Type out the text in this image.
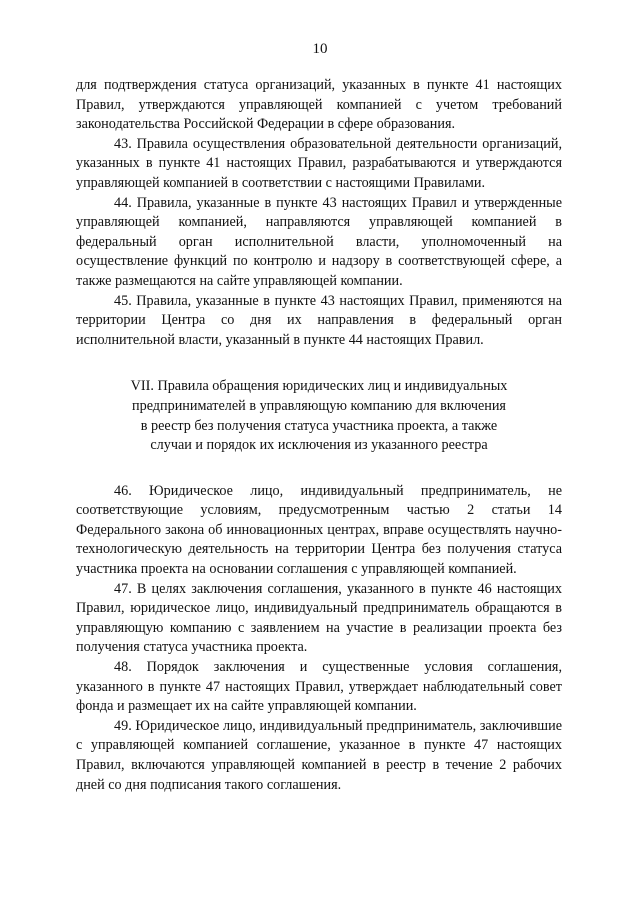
10

для подтверждения статуса организаций, указанных в пункте 41 настоящих Правил, утверждаются управляющей компанией с учетом требований законодательства Российской Федерации в сфере образования.

43. Правила осуществления образовательной деятельности организаций, указанных в пункте 41 настоящих Правил, разрабатываются и утверждаются управляющей компанией в соответствии с настоящими Правилами.

44. Правила, указанные в пункте 43 настоящих Правил и утвержденные управляющей компанией, направляются управляющей компанией в федеральный орган исполнительной власти, уполномоченный на осуществление функций по контролю и надзору в соответствующей сфере, а также размещаются на сайте управляющей компании.

45. Правила, указанные в пункте 43 настоящих Правил, применяются на территории Центра со дня их направления в федеральный орган исполнительной власти, указанный в пункте 44 настоящих Правил.

VII. Правила обращения юридических лиц и индивидуальных
предпринимателей в управляющую компанию для включения
в реестр без получения статуса участника проекта, а также
случаи и порядок их исключения из указанного реестра

46. Юридическое лицо, индивидуальный предприниматель, не соответствующие условиям, предусмотренным частью 2 статьи 14 Федерального закона об инновационных центрах, вправе осуществлять научно-технологическую деятельность на территории Центра без получения статуса участника проекта на основании соглашения с управляющей компанией.

47. В целях заключения соглашения, указанного в пункте 46 настоящих Правил, юридическое лицо, индивидуальный предприниматель обращаются в управляющую компанию с заявлением на участие в реализации проекта без получения статуса участника проекта.

48. Порядок заключения и существенные условия соглашения, указанного в пункте 47 настоящих Правил, утверждает наблюдательный совет фонда и размещает их на сайте управляющей компании.

49. Юридическое лицо, индивидуальный предприниматель, заключившие с управляющей компанией соглашение, указанное в пункте 47 настоящих Правил, включаются управляющей компанией в реестр в течение 2 рабочих дней со дня подписания такого соглашения.
